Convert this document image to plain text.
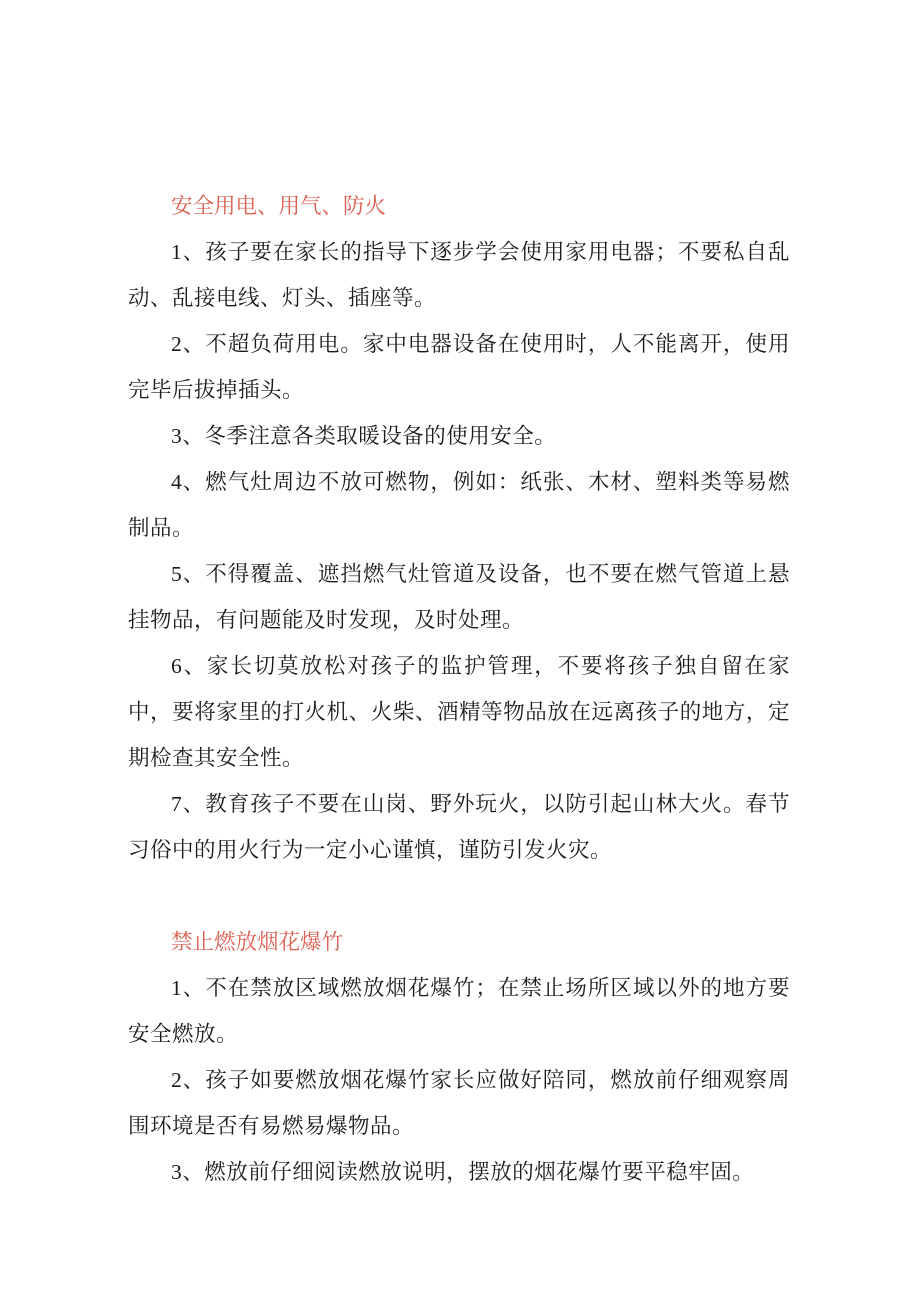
安全用电、用气、防火

1、孩子要在家长的指导下逐步学会使用家用电器；不要私自乱动、乱接电线、灯头、插座等。

2、不超负荷用电。家中电器设备在使用时，人不能离开，使用完毕后拔掉插头。

3、冬季注意各类取暖设备的使用安全。

4、燃气灶周边不放可燃物，例如：纸张、木材、塑料类等易燃制品。

5、不得覆盖、遮挡燃气灶管道及设备，也不要在燃气管道上悬挂物品，有问题能及时发现，及时处理。

6、家长切莫放松对孩子的监护管理，不要将孩子独自留在家中，要将家里的打火机、火柴、酒精等物品放在远离孩子的地方，定期检查其安全性。

7、教育孩子不要在山岗、野外玩火，以防引起山林大火。春节习俗中的用火行为一定小心谨慎，谨防引发火灾。

禁止燃放烟花爆竹

1、不在禁放区域燃放烟花爆竹；在禁止场所区域以外的地方要安全燃放。

2、孩子如要燃放烟花爆竹家长应做好陪同，燃放前仔细观察周围环境是否有易燃易爆物品。

3、燃放前仔细阅读燃放说明，摆放的烟花爆竹要平稳牢固。
